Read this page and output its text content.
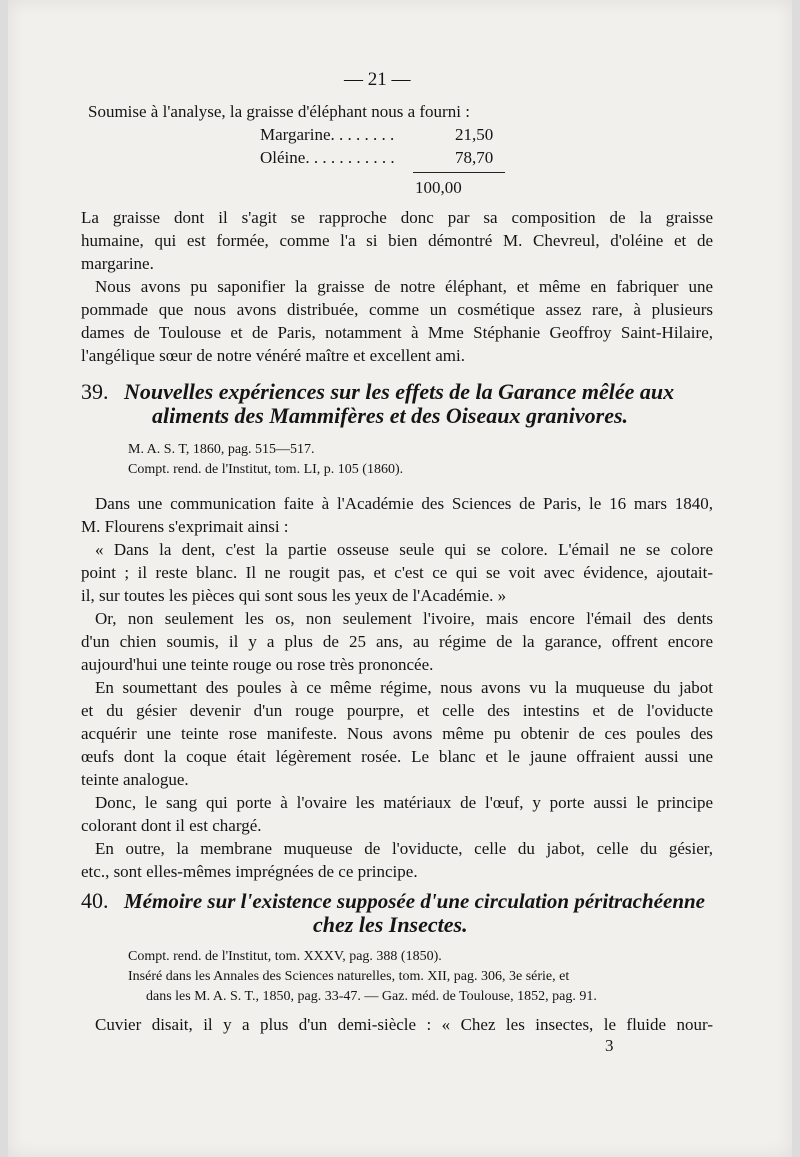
— 21 —
Soumise à l'analyse, la graisse d'éléphant nous a fourni :
Margarine. . . . . . . .	21,50
Oléine. . . . . . . . . . .	78,70
100,00
La graisse dont il s'agit se rapproche donc par sa composition de la graisse
humaine, qui est formée, comme l'a si bien démontré M. Chevreul, d'oléine et de
margarine.
Nous avons pu saponifier la graisse de notre éléphant, et même en fabriquer une
pommade que nous avons distribuée, comme un cosmétique assez rare, à plusieurs
dames de Toulouse et de Paris, notamment à Mme Stéphanie Geoffroy Saint-Hilaire,
l'angélique sœur de notre vénéré maître et excellent ami.
39. Nouvelles expériences sur les effets de la Garance mêlée aux
aliments des Mammifères et des Oiseaux granivores.
M. A. S. T, 1860, pag. 515—517.
Compt. rend. de l'Institut, tom. LI, p. 105 (1860).
Dans une communication faite à l'Académie des Sciences de Paris, le 16 mars 1840,
M. Flourens s'exprimait ainsi :
« Dans la dent, c'est la partie osseuse seule qui se colore. L'émail ne se colore
point ; il reste blanc. Il ne rougit pas, et c'est ce qui se voit avec évidence, ajoutait-
il, sur toutes les pièces qui sont sous les yeux de l'Académie. »
Or, non seulement les os, non seulement l'ivoire, mais encore l'émail des dents
d'un chien soumis, il y a plus de 25 ans, au régime de la garance, offrent encore
aujourd'hui une teinte rouge ou rose très prononcée.
En soumettant des poules à ce même régime, nous avons vu la muqueuse du jabot
et du gésier devenir d'un rouge pourpre, et celle des intestins et de l'oviducte
acquérir une teinte rose manifeste. Nous avons même pu obtenir de ces poules des
œufs dont la coque était légèrement rosée. Le blanc et le jaune offraient aussi une
teinte analogue.
Donc, le sang qui porte à l'ovaire les matériaux de l'œuf, y porte aussi le principe
colorant dont il est chargé.
En outre, la membrane muqueuse de l'oviducte, celle du jabot, celle du gésier,
etc., sont elles-mêmes imprégnées de ce principe.
40. Mémoire sur l'existence supposée d'une circulation péritrachéenne
chez les Insectes.
Compt. rend. de l'Institut, tom. XXXV, pag. 388 (1850).
Inséré dans les Annales des Sciences naturelles, tom. XII, pag. 306, 3e série, et
dans les M. A. S. T., 1850, pag. 33-47. — Gaz. méd. de Toulouse, 1852, pag. 91.
Cuvier disait, il y a plus d'un demi-siècle : « Chez les insectes, le fluide nour-
3
